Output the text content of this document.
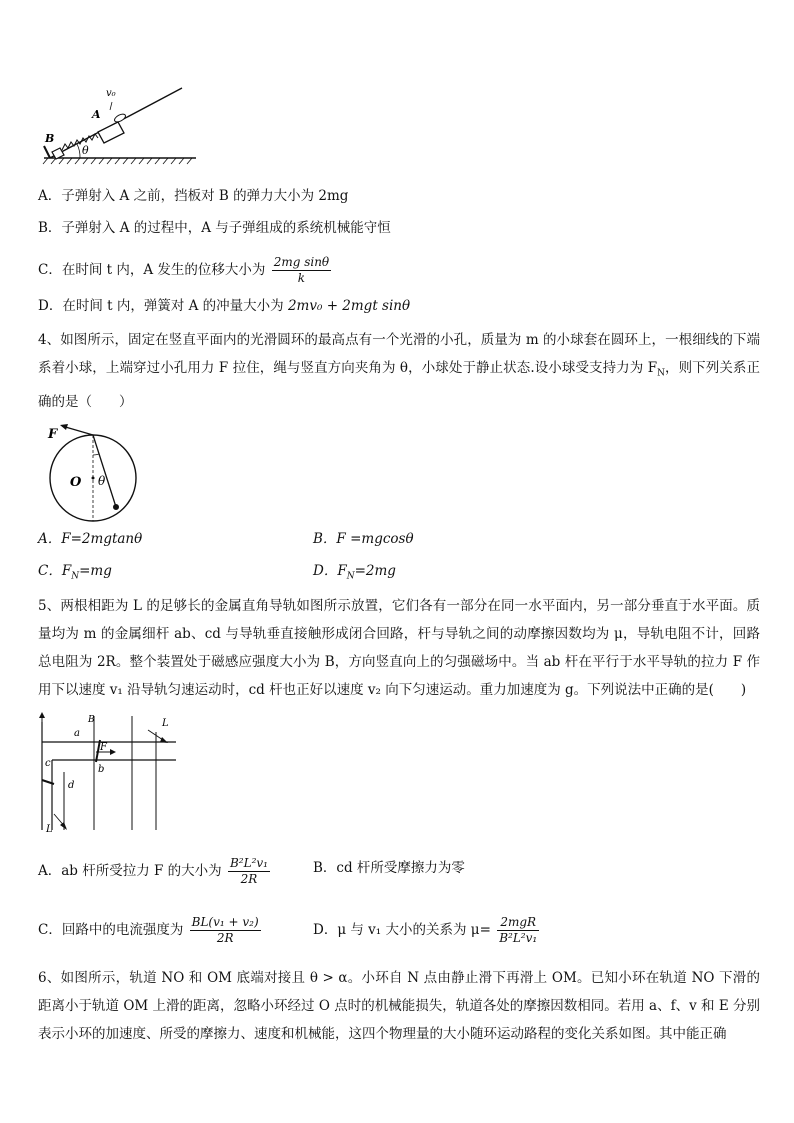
θ
B
A
v₀
A．子弹射入 A 之前，挡板对 B 的弹力大小为 2mg
B．子弹射入 A 的过程中，A 与子弹组成的系统机械能守恒
C．在时间 t 内，A 发生的位移大小为 $\frac{\text{2mg sinθ}}{k}$
D．在时间 t 内，弹簧对 A 的冲量大小为 2mv₀ + 2mgt sinθ
4、如图所示，固定在竖直平面内的光滑圆环的最高点有一个光滑的小孔，质量为 m 的小球套在圆环上，一根细线的下端系着小球，上端穿过小孔用力 F 拉住，绳与竖直方向夹角为 θ，小球处于静止状态.设小球受支持力为 $F_N$，则下列关系正确的是（　　）
F
O θ
A．F=2mgtanθ	B．F =mgcosθ
C．$F_N=mg$	D．$F_N=2mg$
5、两根相距为 L 的足够长的金属直角导轨如图所示放置，它们各有一部分在同一水平面内，另一部分垂直于水平面。质量均为 m 的金属细杆 ab、cd 与导轨垂直接触形成闭合回路，杆与导轨之间的动摩擦因数均为 μ，导轨电阻不计，回路总电阻为 2R。整个装置处于磁感应强度大小为 B，方向竖直向上的匀强磁场中。当 ab 杆在平行于水平导轨的拉力 F 作用下以速度 v₁ 沿导轨匀速运动时，cd 杆也正好以速度 v₂ 向下匀速运动。重力加速度为 g。下列说法中正确的是(　　)
B
a
b
c
d
F
L
L
A．ab 杆所受拉力 F 的大小为 $\frac{\text{B²L²v₁}}{2R}$	B．cd 杆所受摩擦力为零
C．回路中的电流强度为 $\frac{\text{BL(v₁ + v₂)}}{2R}$	D．μ 与 v₁ 大小的关系为 $\mu= \frac{\text{2mgR}}{\text{B²L²v₁}}$
6、如图所示，轨道 NO 和 OM 底端对接且 θ > α。小环自 N 点由静止滑下再滑上 OM。已知小环在轨道 NO 下滑的距离小于轨道 OM 上滑的距离，忽略小环经过 O 点时的机械能损失，轨道各处的摩擦因数相同。若用 a、f、v 和 E 分别表示小环的加速度、所受的摩擦力、速度和机械能，这四个物理量的大小随环运动路程的变化关系如图。其中能正确
